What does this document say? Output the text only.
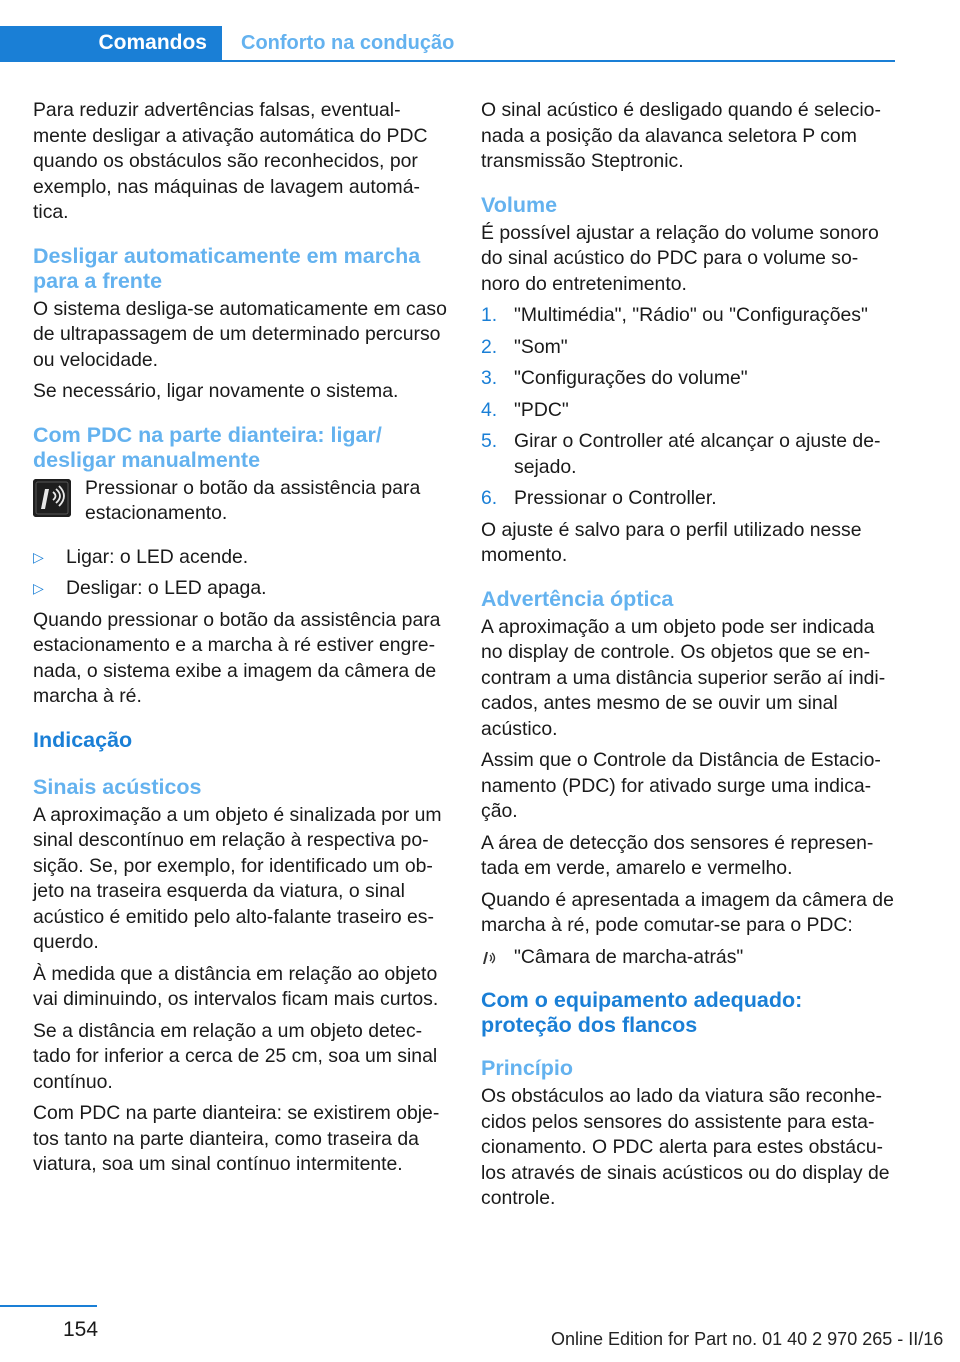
Comandos	Conforto na condução

Para reduzir advertências falsas, eventual‐ mente desligar a ativação automática do PDC quando os obstáculos são reconhecidos, por exemplo, nas máquinas de lavagem automá‐ tica.

Desligar automaticamente em marcha para a frente

O sistema desliga-se automaticamente em caso de ultrapassagem de um determinado percurso ou velocidade.

Se necessário, ligar novamente o sistema.

Com PDC na parte dianteira: ligar/ desligar manualmente
Pressionar o botão da assistência para estacionamento.
▷ Ligar: o LED acende.
▷ Desligar: o LED apaga.

Quando pressionar o botão da assistência para estacionamento e a marcha à ré estiver engre‐ nada, o sistema exibe a imagem da câmera de marcha à ré.

Indicação
Sinais acústicos

A aproximação a um objeto é sinalizada por um sinal descontínuo em relação à respectiva po‐ sição. Se, por exemplo, for identificado um ob‐ jeto na traseira esquerda da viatura, o sinal acústico é emitido pelo alto-falante traseiro es‐ querdo.

À medida que a distância em relação ao objeto vai diminuindo, os intervalos ficam mais curtos.

Se a distância em relação a um objeto detec‐ tado for inferior a cerca de 25 cm, soa um sinal contínuo.

Com PDC na parte dianteira: se existirem obje‐ tos tanto na parte dianteira, como traseira da viatura, soa um sinal contínuo intermitente.

O sinal acústico é desligado quando é selecio‐ nada a posição da alavanca seletora P com transmissão Steptronic.

Volume

É possível ajustar a relação do volume sonoro do sinal acústico do PDC para o volume so‐ noro do entretenimento.

1. "Multimédia", "Rádio" ou "Configurações"
2. "Som"
3. "Configurações do volume"
4. "PDC"
5. Girar o Controller até alcançar o ajuste de‐ sejado.
6. Pressionar o Controller.

O ajuste é salvo para o perfil utilizado nesse momento.

Advertência óptica

A aproximação a um objeto pode ser indicada no display de controle. Os objetos que se en‐ contram a uma distância superior serão aí indi‐ cados, antes mesmo de se ouvir um sinal acústico.

Assim que o Controle da Distância de Estacio‐ namento (PDC) for ativado surge uma indica‐ ção.

A área de detecção dos sensores é represen‐ tada em verde, amarelo e vermelho.

Quando é apresentada a imagem da câmera de marcha à ré, pode comutar-se para o PDC:

"Câmara de marcha-atrás"
Com o equipamento adequado: proteção dos flancos
Princípio

Os obstáculos ao lado da viatura são reconhe‐ cidos pelos sensores do assistente para esta‐ cionamento. O PDC alerta para estes obstácu‐ los através de sinais acústicos ou do display de controle.

154	Online Edition for Part no. 01 40 2 970 265 - II/16
